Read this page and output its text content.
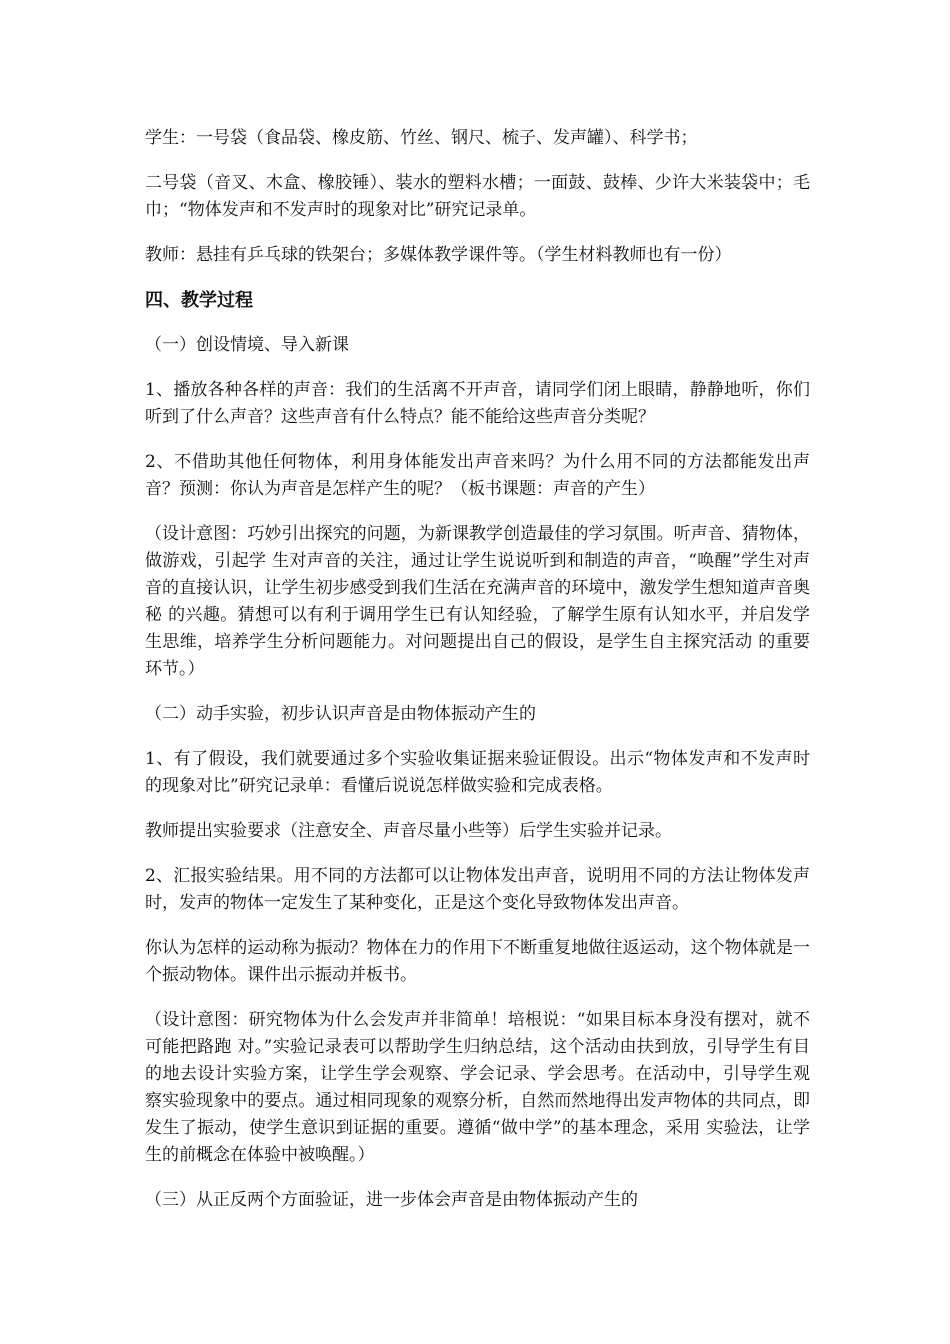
学生：一号袋（食品袋、橡皮筋、竹丝、钢尺、梳子、发声罐）、科学书；

二号袋（音叉、木盒、橡胶锤）、装水的塑料水槽；一面鼓、鼓棒、少许大米装袋中；毛巾；“物体发声和不发声时的现象对比”研究记录单。

教师：悬挂有乒乓球的铁架台；多媒体教学课件等。（学生材料教师也有一份）

四、教学过程

（一）创设情境、导入新课

1、播放各种各样的声音：我们的生活离不开声音，请同学们闭上眼睛，静静地听，你们听到了什么声音？这些声音有什么特点？能不能给这些声音分类呢？

2、不借助其他任何物体，利用身体能发出声音来吗？为什么用不同的方法都能发出声音？预测：你认为声音是怎样产生的呢？（板书课题：声音的产生）

（设计意图：巧妙引出探究的问题，为新课教学创造最佳的学习氛围。听声音、猜物体，做游戏，引起学 生对声音的关注，通过让学生说说听到和制造的声音，“唤醒”学生对声音的直接认识，让学生初步感受到我们生活在充满声音的环境中，激发学生想知道声音奥秘 的兴趣。猜想可以有利于调用学生已有认知经验，了解学生原有认知水平，并启发学生思维，培养学生分析问题能力。对问题提出自己的假设，是学生自主探究活动 的重要环节。）

（二）动手实验，初步认识声音是由物体振动产生的

1、有了假设，我们就要通过多个实验收集证据来验证假设。出示“物体发声和不发声时的现象对比”研究记录单：看懂后说说怎样做实验和完成表格。

教师提出实验要求（注意安全、声音尽量小些等）后学生实验并记录。

2、汇报实验结果。用不同的方法都可以让物体发出声音，说明用不同的方法让物体发声时，发声的物体一定发生了某种变化，正是这个变化导致物体发出声音。

你认为怎样的运动称为振动？物体在力的作用下不断重复地做往返运动，这个物体就是一个振动物体。课件出示振动并板书。

（设计意图：研究物体为什么会发声并非简单！培根说：“如果目标本身没有摆对，就不可能把路跑 对。”实验记录表可以帮助学生归纳总结，这个活动由扶到放，引导学生有目的地去设计实验方案，让学生学会观察、学会记录、学会思考。在活动中，引导学生观 察实验现象中的要点。通过相同现象的观察分析，自然而然地得出发声物体的共同点，即发生了振动，使学生意识到证据的重要。遵循“做中学”的基本理念，采用 实验法，让学生的前概念在体验中被唤醒。）

（三）从正反两个方面验证，进一步体会声音是由物体振动产生的
